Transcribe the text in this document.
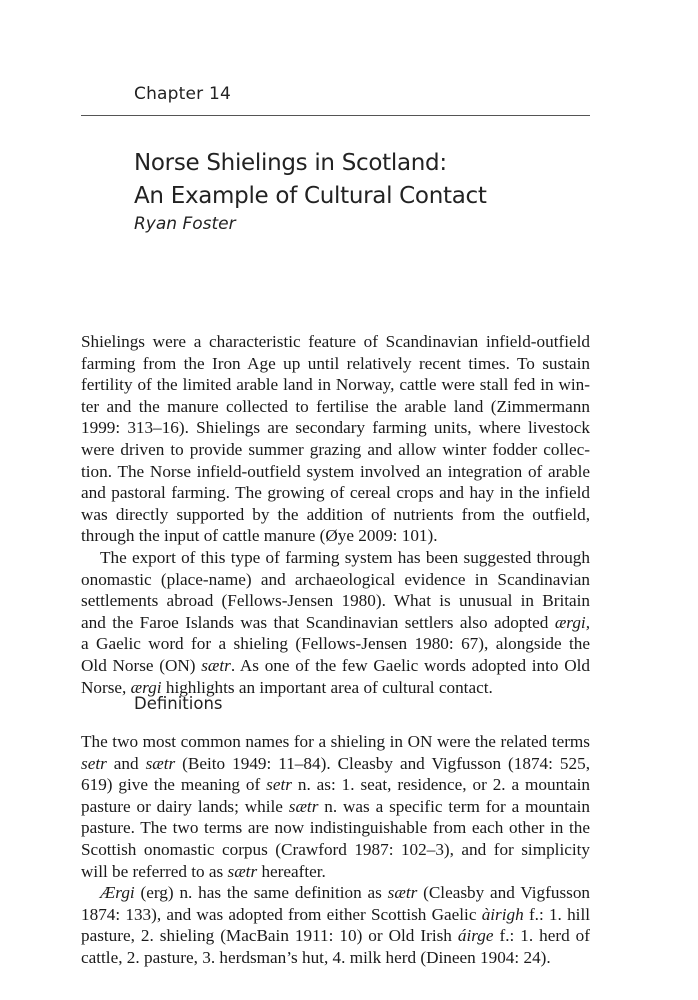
Chapter 14
Norse Shielings in Scotland:
An Example of Cultural Contact
Ryan Foster
Shielings were a characteristic feature of Scandinavian infield-outfield
farming from the Iron Age up until relatively recent times. To sustain
fertility of the limited arable land in Norway, cattle were stall fed in win-
ter and the manure collected to fertilise the arable land (Zimmermann
1999: 313–16). Shielings are secondary farming units, where livestock
were driven to provide summer grazing and allow winter fodder collec-
tion. The Norse infield-outfield system involved an integration of arable
and pastoral farming. The growing of cereal crops and hay in the infield
was directly supported by the addition of nutrients from the outfield,
through the input of cattle manure (Øye 2009: 101).
The export of this type of farming system has been suggested through
onomastic (place-name) and archaeological evidence in Scandinavian
settlements abroad (Fellows-Jensen 1980). What is unusual in Britain
and the Faroe Islands was that Scandinavian settlers also adopted ærgi,
a Gaelic word for a shieling (Fellows-Jensen 1980: 67), alongside the
Old Norse (ON) sætr. As one of the few Gaelic words adopted into Old
Norse, ærgi highlights an important area of cultural contact.
Definitions
The two most common names for a shieling in ON were the related terms
setr and sætr (Beito 1949: 11–84). Cleasby and Vigfusson (1874: 525,
619) give the meaning of setr n. as: 1. seat, residence, or 2. a mountain
pasture or dairy lands; while sætr n. was a specific term for a mountain
pasture. The two terms are now indistinguishable from each other in the
Scottish onomastic corpus (Crawford 1987: 102–3), and for simplicity
will be referred to as sætr hereafter.
Ærgi (erg) n. has the same definition as sætr (Cleasby and Vigfusson
1874: 133), and was adopted from either Scottish Gaelic àirigh f.: 1. hill
pasture, 2. shieling (MacBain 1911: 10) or Old Irish áirge f.: 1. herd of
cattle, 2. pasture, 3. herdsman’s hut, 4. milk herd (Dineen 1904: 24).
